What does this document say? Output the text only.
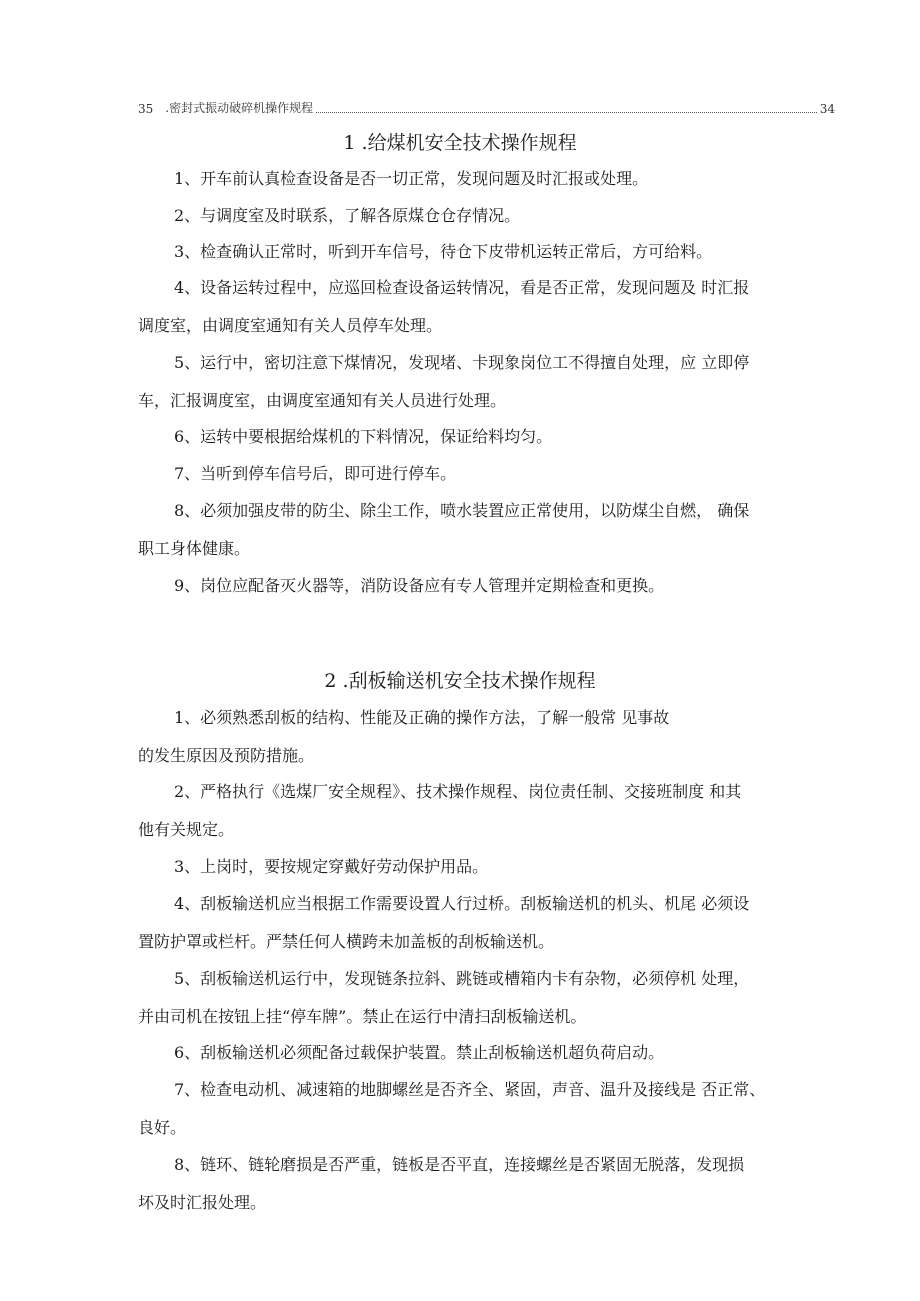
35 .密封式振动破碎机操作规程	34
1 .给煤机安全技术操作规程
1、开车前认真检查设备是否一切正常，发现问题及时汇报或处理。
2、与调度室及时联系，了解各原煤仓仓存情况。
3、检查确认正常时，听到开车信号，待仓下皮带机运转正常后，方可给料。
4、设备运转过程中，应巡回检查设备运转情况，看是否正常，发现问题及 时汇报
调度室，由调度室通知有关人员停车处理。
5、运行中，密切注意下煤情况，发现堵、卡现象岗位工不得擅自处理，应 立即停
车，汇报调度室，由调度室通知有关人员进行处理。
6、运转中要根据给煤机的下料情况，保证给料均匀。
7、当听到停车信号后，即可进行停车。
8、必须加强皮带的防尘、除尘工作，喷水装置应正常使用，以防煤尘自燃， 确保
职工身体健康。
9、岗位应配备灭火器等，消防设备应有专人管理并定期检查和更换。
2 .刮板输送机安全技术操作规程
1、必须熟悉刮板的结构、性能及正确的操作方法，了解一般常 见事故
的发生原因及预防措施。
2、严格执行《选煤厂安全规程》、技术操作规程、岗位责任制、交接班制度 和其
他有关规定。
3、上岗时，要按规定穿戴好劳动保护用品。
4、刮板输送机应当根据工作需要设置人行过桥。刮板输送机的机头、机尾 必须设
置防护罩或栏杆。严禁任何人横跨未加盖板的刮板输送机。
5、刮板输送机运行中，发现链条拉斜、跳链或槽箱内卡有杂物，必须停机 处理，
并由司机在按钮上挂“停车牌”。禁止在运行中清扫刮板输送机。
6、刮板输送机必须配备过载保护装置。禁止刮板输送机超负荷启动。
7、检查电动机、减速箱的地脚螺丝是否齐全、紧固，声音、温升及接线是 否正常、
良好。
8、链环、链轮磨损是否严重，链板是否平直，连接螺丝是否紧固无脱落，发现损
坏及时汇报处理。
